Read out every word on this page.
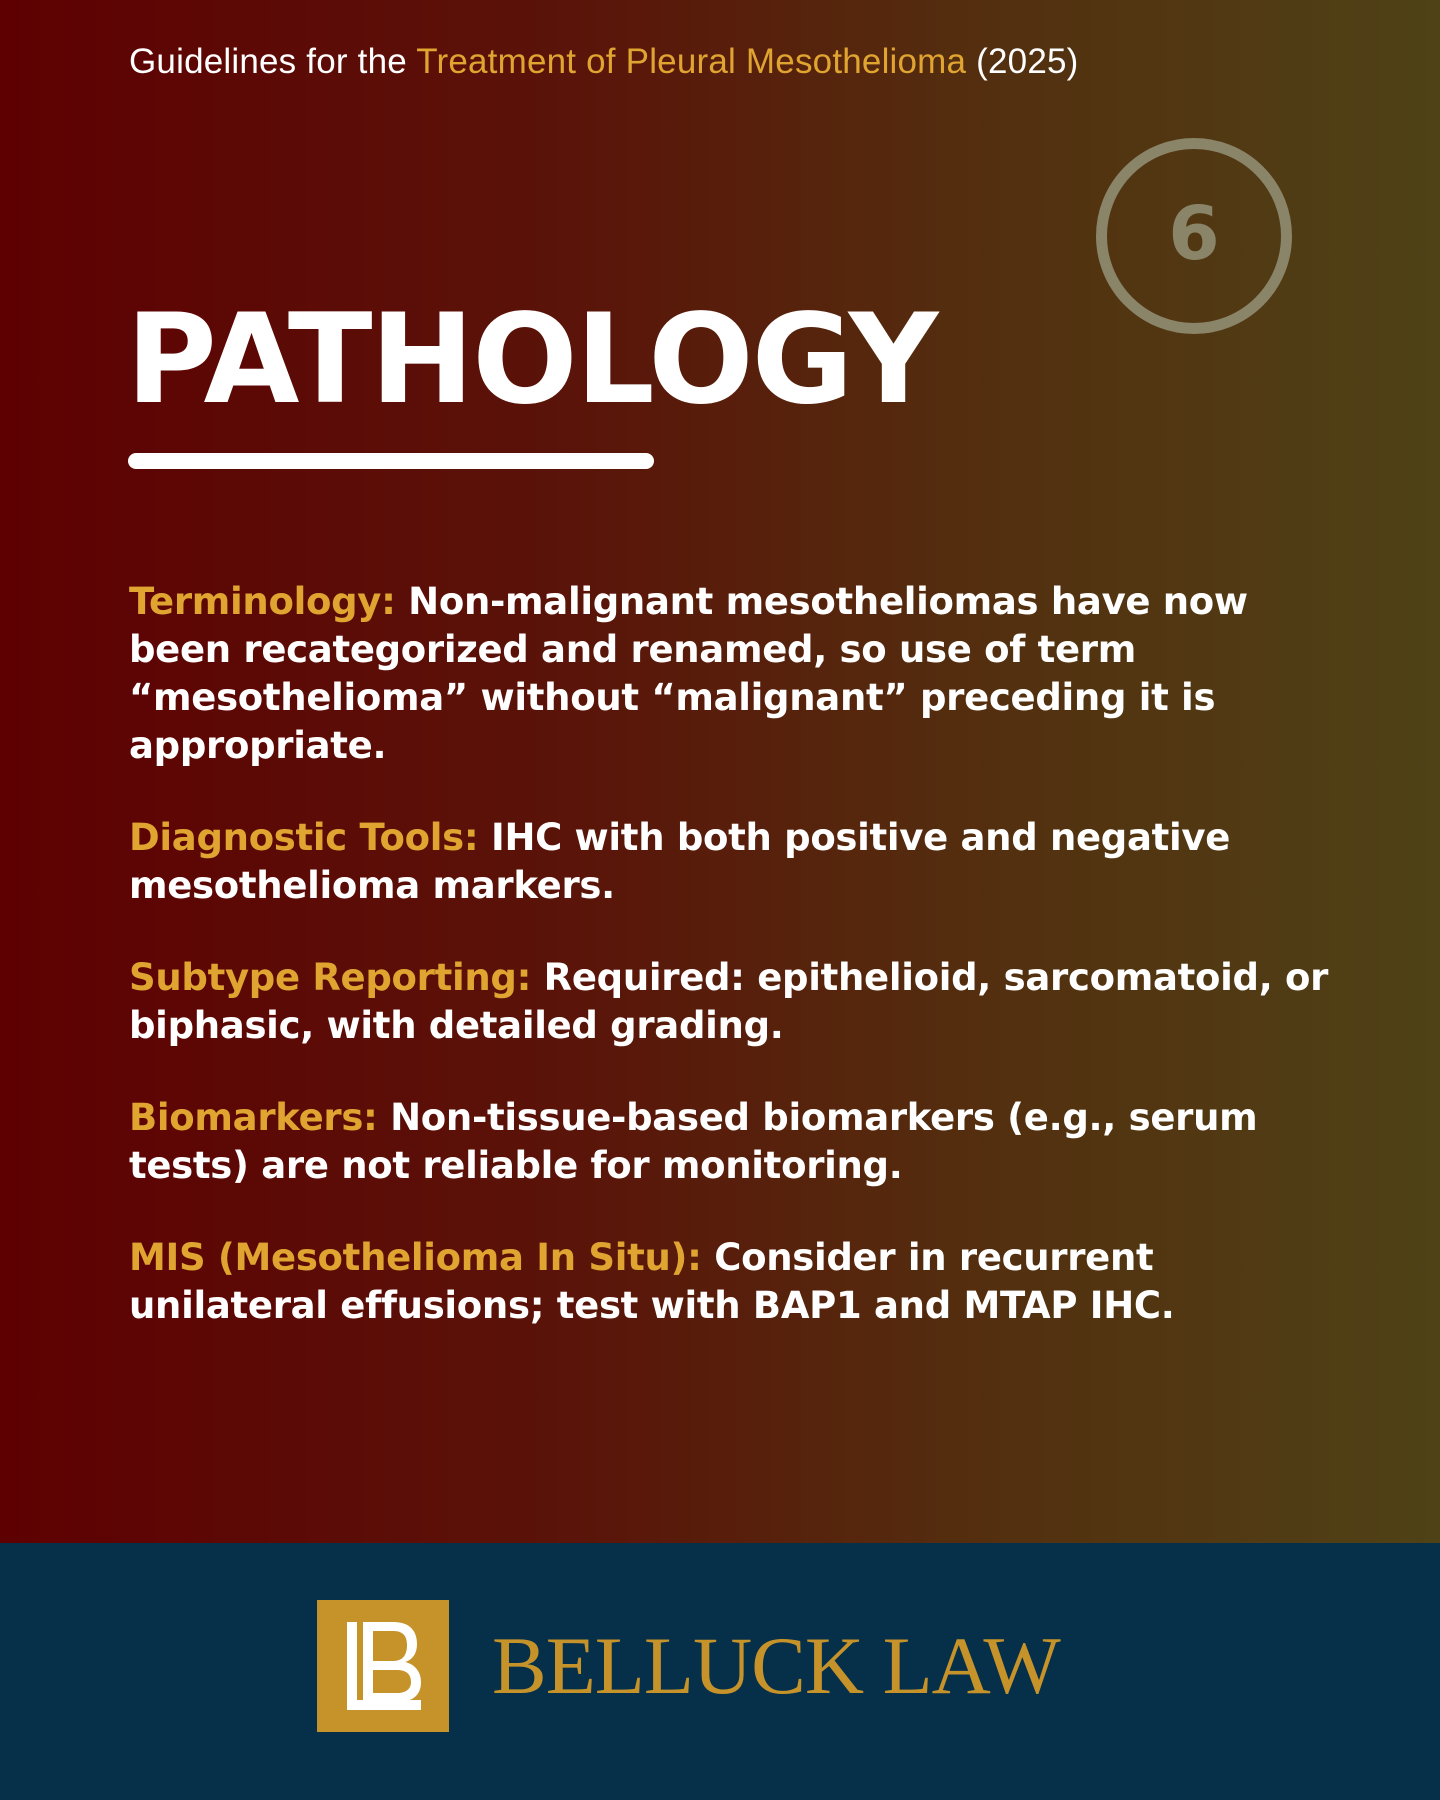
Guidelines for the Treatment of Pleural Mesothelioma (2025)
6
PATHOLOGY

Terminology: Non-malignant mesotheliomas have now been recategorized and renamed, so use of term “mesothelioma” without “malignant” preceding it is appropriate.

Diagnostic Tools: IHC with both positive and negative mesothelioma markers.

Subtype Reporting: Required: epithelioid, sarcomatoid, or biphasic, with detailed grading.

Biomarkers: Non-tissue-based biomarkers (e.g., serum tests) are not reliable for monitoring.

MIS (Mesothelioma In Situ): Consider in recurrent unilateral effusions; test with BAP1 and MTAP IHC.

BELLUCK LAW
